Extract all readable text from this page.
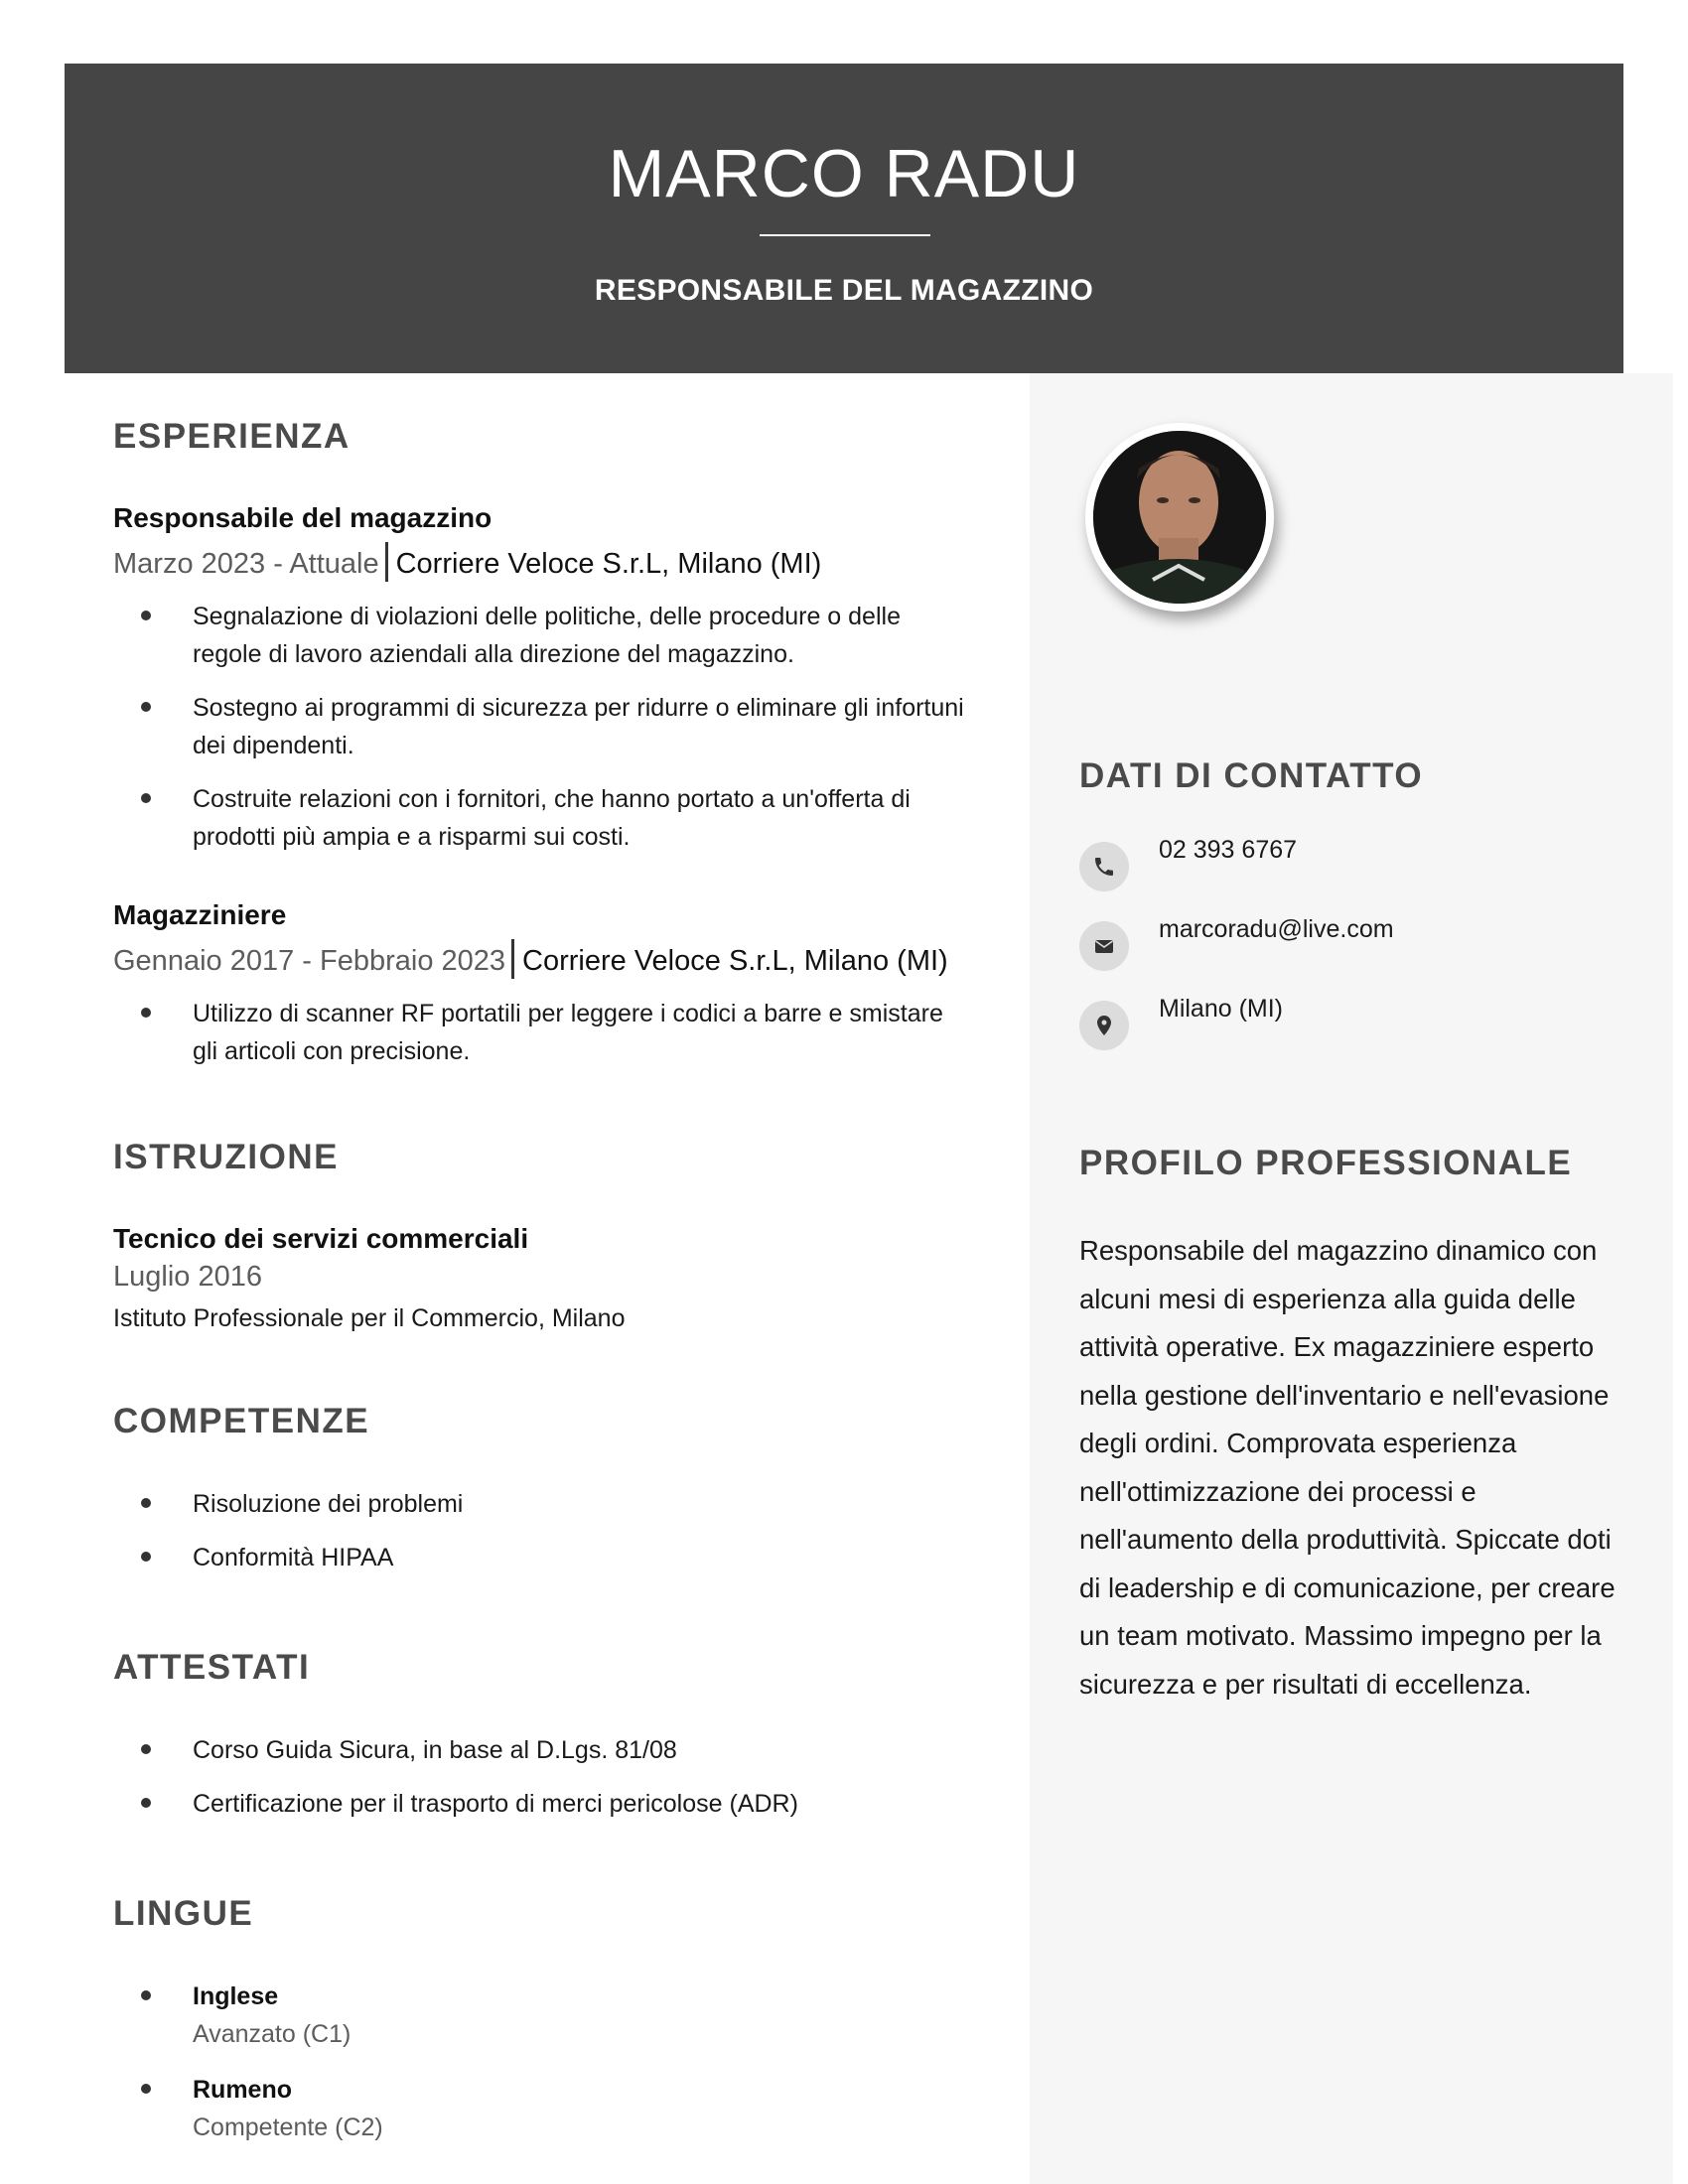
MARCO RADU
RESPONSABILE DEL MAGAZZINO
DATI DI CONTATTO
02 393 6767
marcoradu@live.com
Milano (MI)
PROFILO PROFESSIONALE
Responsabile del magazzino dinamico con alcuni mesi di esperienza alla guida delle attività operative. Ex magazziniere esperto nella gestione dell'inventario e nell'evasione degli ordini. Comprovata esperienza nell'ottimizzazione dei processi e nell'aumento della produttività. Spiccate doti di leadership e di comunicazione, per creare un team motivato. Massimo impegno per la sicurezza e per risultati di eccellenza.
ESPERIENZA
Responsabile del magazzino
Marzo 2023 - Attuale Corriere Veloce S.r.L, Milano (MI)
Segnalazione di violazioni delle politiche, delle procedure o delle regole di lavoro aziendali alla direzione del magazzino.
Sostegno ai programmi di sicurezza per ridurre o eliminare gli infortuni dei dipendenti.
Costruite relazioni con i fornitori, che hanno portato a un'offerta di prodotti più ampia e a risparmi sui costi.
Magazziniere
Gennaio 2017 - Febbraio 2023 Corriere Veloce S.r.L, Milano (MI)
Utilizzo di scanner RF portatili per leggere i codici a barre e smistare gli articoli con precisione.
ISTRUZIONE
Tecnico dei servizi commerciali
Luglio 2016
Istituto Professionale per il Commercio, Milano
COMPETENZE
Risoluzione dei problemi
Conformità HIPAA
ATTESTATI
Corso Guida Sicura, in base al D.Lgs. 81/08
Certificazione per il trasporto di merci pericolose (ADR)
LINGUE
Inglese
Avanzato (C1)
Rumeno
Competente (C2)
